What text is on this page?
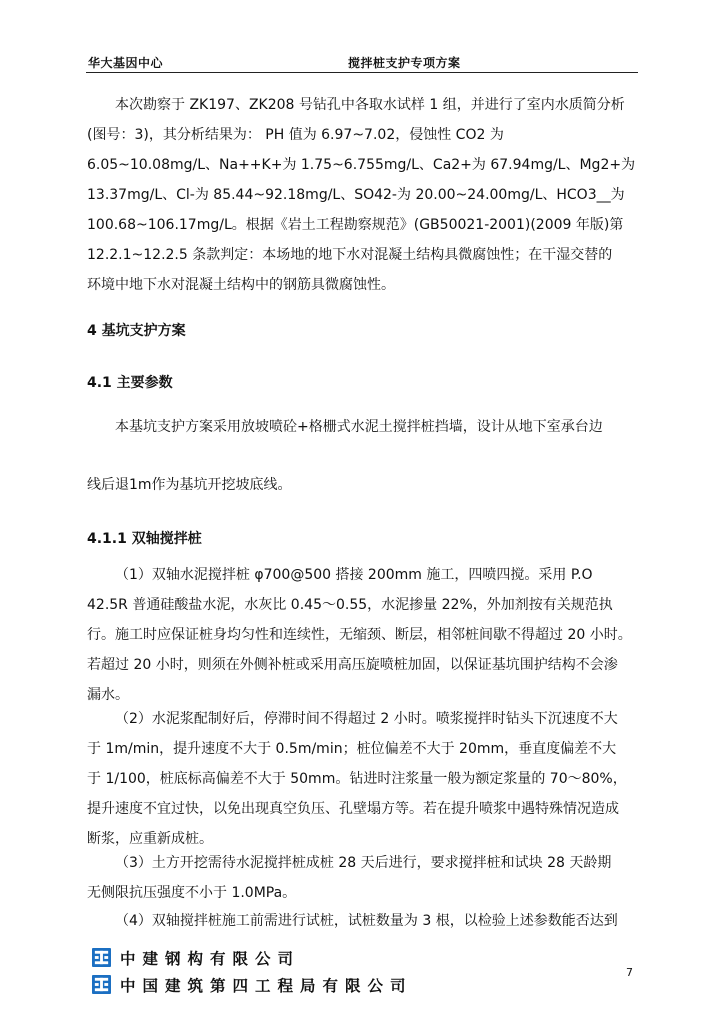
华大基因中心	搅拌桩支护专项方案
本次勘察于 ZK197、ZK208 号钻孔中各取水试样 1 组，并进行了室内水质简分析
(图号：3)，其分析结果为： PH 值为 6.97~7.02，侵蚀性 CO2 为
6.05~10.08mg/L、Na++K+为 1.75~6.755mg/L、Ca2+为 67.94mg/L、Mg2+为
13.37mg/L、Cl-为 85.44~92.18mg/L、SO42-为 20.00~24.00mg/L、HCO3__为
100.68~106.17mg/L。根据《岩土工程勘察规范》(GB50021-2001)(2009 年版)第
12.2.1~12.2.5 条款判定：本场地的地下水对混凝土结构具微腐蚀性；在干湿交替的
环境中地下水对混凝土结构中的钢筋具微腐蚀性。
4 基坑支护方案
4.1 主要参数
本基坑支护方案采用放坡喷砼+格栅式水泥土搅拌桩挡墙，设计从地下室承台边
线后退1m作为基坑开挖坡底线。
4.1.1 双轴搅拌桩
（1）双轴水泥搅拌桩 φ700@500 搭接 200mm 施工，四喷四搅。采用 P.O
42.5R 普通硅酸盐水泥，水灰比 0.45～0.55，水泥掺量 22%，外加剂按有关规范执
行。施工时应保证桩身均匀性和连续性，无缩颈、断层，相邻桩间歇不得超过 20 小时。
若超过 20 小时，则须在外侧补桩或采用高压旋喷桩加固，以保证基坑围护结构不会渗
漏水。
（2）水泥浆配制好后，停滞时间不得超过 2 小时。喷浆搅拌时钻头下沉速度不大
于 1m/min，提升速度不大于 0.5m/min；桩位偏差不大于 20mm，垂直度偏差不大
于 1/100，桩底标高偏差不大于 50mm。钻进时注浆量一般为额定浆量的 70～80%，
提升速度不宜过快，以免出现真空负压、孔壁塌方等。若在提升喷浆中遇特殊情况造成
断浆，应重新成桩。
（3）土方开挖需待水泥搅拌桩成桩 28 天后进行，要求搅拌桩和试块 28 天龄期
无侧限抗压强度不小于 1.0MPa。
（4）双轴搅拌桩施工前需进行试桩，试桩数量为 3 根，以检验上述参数能否达到
中建钢构有限公司
中国建筑第四工程局有限公司
7
